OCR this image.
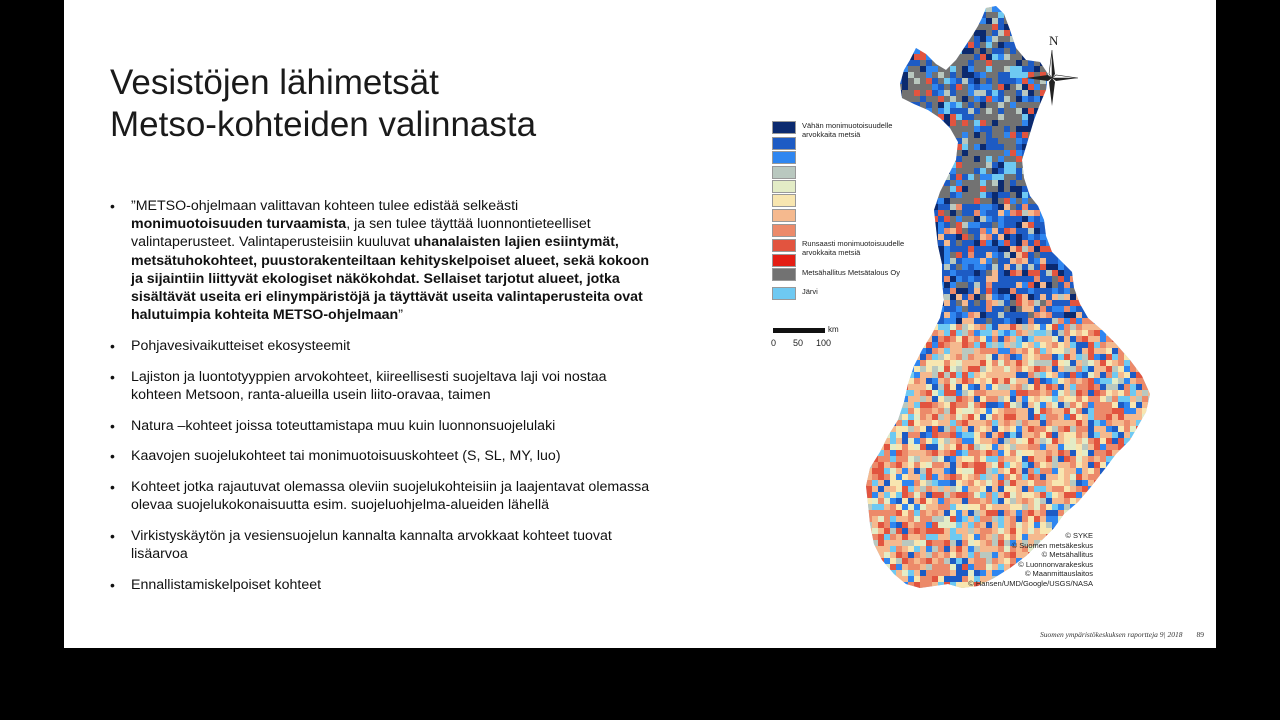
Vesistöjen lähimetsät
Metso-kohteiden valinnasta
• ”METSO-ohjelmaan valittavan kohteen tulee edistää selkeästi monimuotoisuuden turvaamista, ja sen tulee täyttää luonnontieteelliset valintaperusteet. Valintaperusteisiin kuuluvat uhanalaisten lajien esiintymät, metsätuhokohteet, puustorakenteiltaan kehityskelpoiset alueet, sekä kokoon ja sijaintiin liittyvät ekologiset näkökohdat. Sellaiset tarjotut alueet, jotka sisältävät useita eri elinympäristöjä ja täyttävät useita valintaperusteita ovat halutuimpia kohteita METSO-ohjelmaan”
• Pohjavesivaikutteiset ekosysteemit
• Lajiston ja luontotyyppien arvokohteet, kiireellisesti suojeltava laji voi nostaa kohteen Metsoon, ranta-alueilla usein liito-oravaa, taimen
• Natura –kohteet joissa toteuttamistapa muu kuin luonnonsuojelulaki
• Kaavojen suojelukohteet tai monimuotoisuuskohteet (S, SL, MY, luo)
• Kohteet jotka rajautuvat olemassa oleviin suojelukohteisiin ja laajentavat olemassa olevaa suojelukokonaisuutta esim. suojeluohjelma-alueiden lähellä
• Virkistyskäytön ja vesiensuojelun kannalta kannalta arvokkaat kohteet tuovat lisäarvoa
• Ennallistamiskelpoiset kohteet
Vähän monimuotoisuudelle arvokkaita metsiä
Runsaasti monimuotoisuudelle arvokkaita metsiä
Metsähallitus Metsätalous Oy
Järvi
km
0 50 100
N
© SYKE
© Suomen metsäkeskus
© Metsähallitus
© Luonnonvarakeskus
© Maanmittauslaitos
© Hansen/UMD/Google/USGS/NASA
Suomen ympäristökeskuksen raportteja 9| 2018 89
